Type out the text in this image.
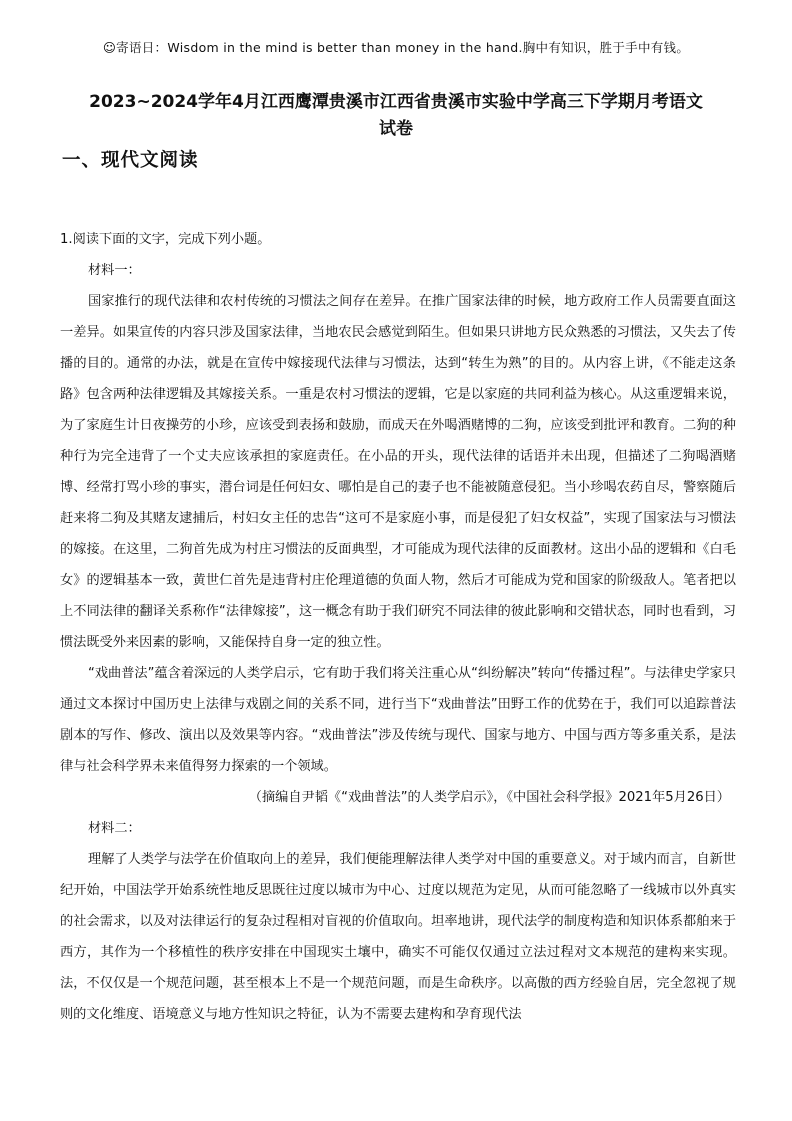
☺寄语日：Wisdom in the mind is better than money in the hand.胸中有知识，胜于手中有钱。
2023~2024学年4月江西鹰潭贵溪市江西省贵溪市实验中学高三下学期月考语文
试卷
一、现代文阅读

1.阅读下面的文字，完成下列小题。

材料一：

国家推行的现代法律和农村传统的习惯法之间存在差异。在推广国家法律的时候，地方政府工作人员需要直面这一差异。如果宣传的内容只涉及国家法律，当地农民会感觉到陌生。但如果只讲地方民众熟悉的习惯法，又失去了传播的目的。通常的办法，就是在宣传中嫁接现代法律与习惯法，达到“转生为熟”的目的。从内容上讲，《不能走这条路》包含两种法律逻辑及其嫁接关系。一重是农村习惯法的逻辑，它是以家庭的共同利益为核心。从这重逻辑来说，为了家庭生计日夜操劳的小珍，应该受到表扬和鼓励，而成天在外喝酒赌博的二狗，应该受到批评和教育。二狗的种种行为完全违背了一个丈夫应该承担的家庭责任。在小品的开头，现代法律的话语并未出现，但描述了二狗喝酒赌博、经常打骂小珍的事实，潜台词是任何妇女、哪怕是自己的妻子也不能被随意侵犯。当小珍喝农药自尽，警察随后赶来将二狗及其赌友逮捕后，村妇女主任的忠告“这可不是家庭小事，而是侵犯了妇女权益”，实现了国家法与习惯法的嫁接。在这里，二狗首先成为村庄习惯法的反面典型，才可能成为现代法律的反面教材。这出小品的逻辑和《白毛女》的逻辑基本一致，黄世仁首先是违背村庄伦理道德的负面人物，然后才可能成为党和国家的阶级敌人。笔者把以上不同法律的翻译关系称作“法律嫁接”，这一概念有助于我们研究不同法律的彼此影响和交错状态，同时也看到，习惯法既受外来因素的影响，又能保持自身一定的独立性。

“戏曲普法”蕴含着深远的人类学启示，它有助于我们将关注重心从“纠纷解决”转向“传播过程”。与法律史学家只通过文本探讨中国历史上法律与戏剧之间的关系不同，进行当下“戏曲普法”田野工作的优势在于，我们可以追踪普法剧本的写作、修改、演出以及效果等内容。“戏曲普法”涉及传统与现代、国家与地方、中国与西方等多重关系，是法律与社会科学界未来值得努力探索的一个领域。

（摘编自尹韬《“戏曲普法”的人类学启示》，《中国社会科学报》2021年5月26日）

材料二：

理解了人类学与法学在价值取向上的差异，我们便能理解法律人类学对中国的重要意义。对于域内而言，自新世纪开始，中国法学开始系统性地反思既往过度以城市为中心、过度以规范为定见，从而可能忽略了一线城市以外真实的社会需求，以及对法律运行的复杂过程相对盲视的价值取向。坦率地讲，现代法学的制度构造和知识体系都舶来于西方，其作为一个移植性的秩序安排在中国现实土壤中，确实不可能仅仅通过立法过程对文本规范的建构来实现。法，不仅仅是一个规范问题，甚至根本上不是一个规范问题，而是生命秩序。以高傲的西方经验自居，完全忽视了规则的文化维度、语境意义与地方性知识之特征，认为不需要去建构和孕育现代法
